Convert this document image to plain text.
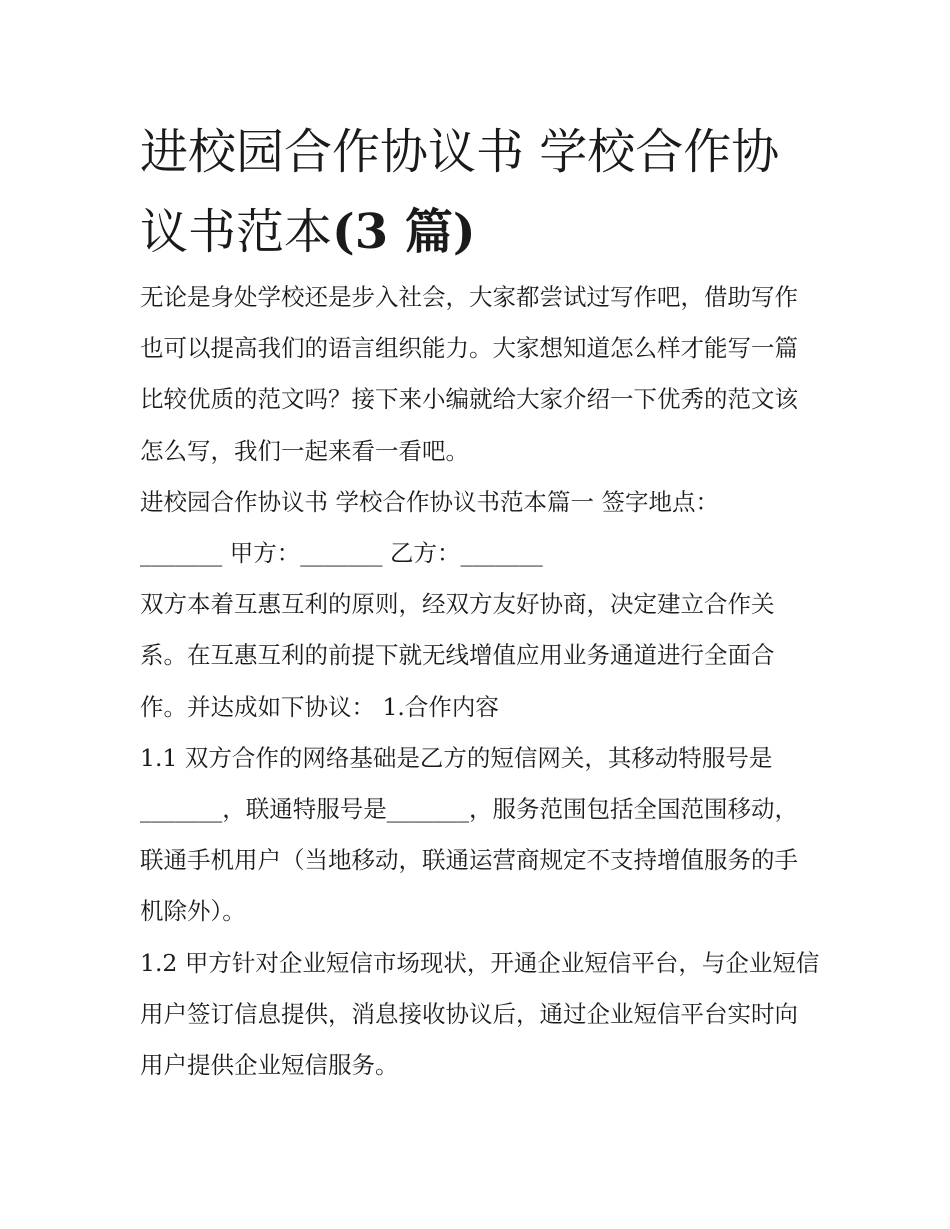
进校园合作协议书 学校合作协议书范本(3 篇)

无论是身处学校还是步入社会，大家都尝试过写作吧，借助写作也可以提高我们的语言组织能力。大家想知道怎么样才能写一篇比较优质的范文吗？接下来小编就给大家介绍一下优秀的范文该怎么写，我们一起来看一看吧。

进校园合作协议书 学校合作协议书范本篇一 签字地点：

_______ 甲方：_______ 乙方：_______

双方本着互惠互利的原则，经双方友好协商，决定建立合作关系。在互惠互利的前提下就无线增值应用业务通道进行全面合作。并达成如下协议： 1.合作内容

1.1 双方合作的网络基础是乙方的短信网关，其移动特服号是_______，联通特服号是_______，服务范围包括全国范围移动，联通手机用户（当地移动，联通运营商规定不支持增值服务的手机除外）。

1.2 甲方针对企业短信市场现状，开通企业短信平台，与企业短信用户签订信息提供，消息接收协议后，通过企业短信平台实时向用户提供企业短信服务。
